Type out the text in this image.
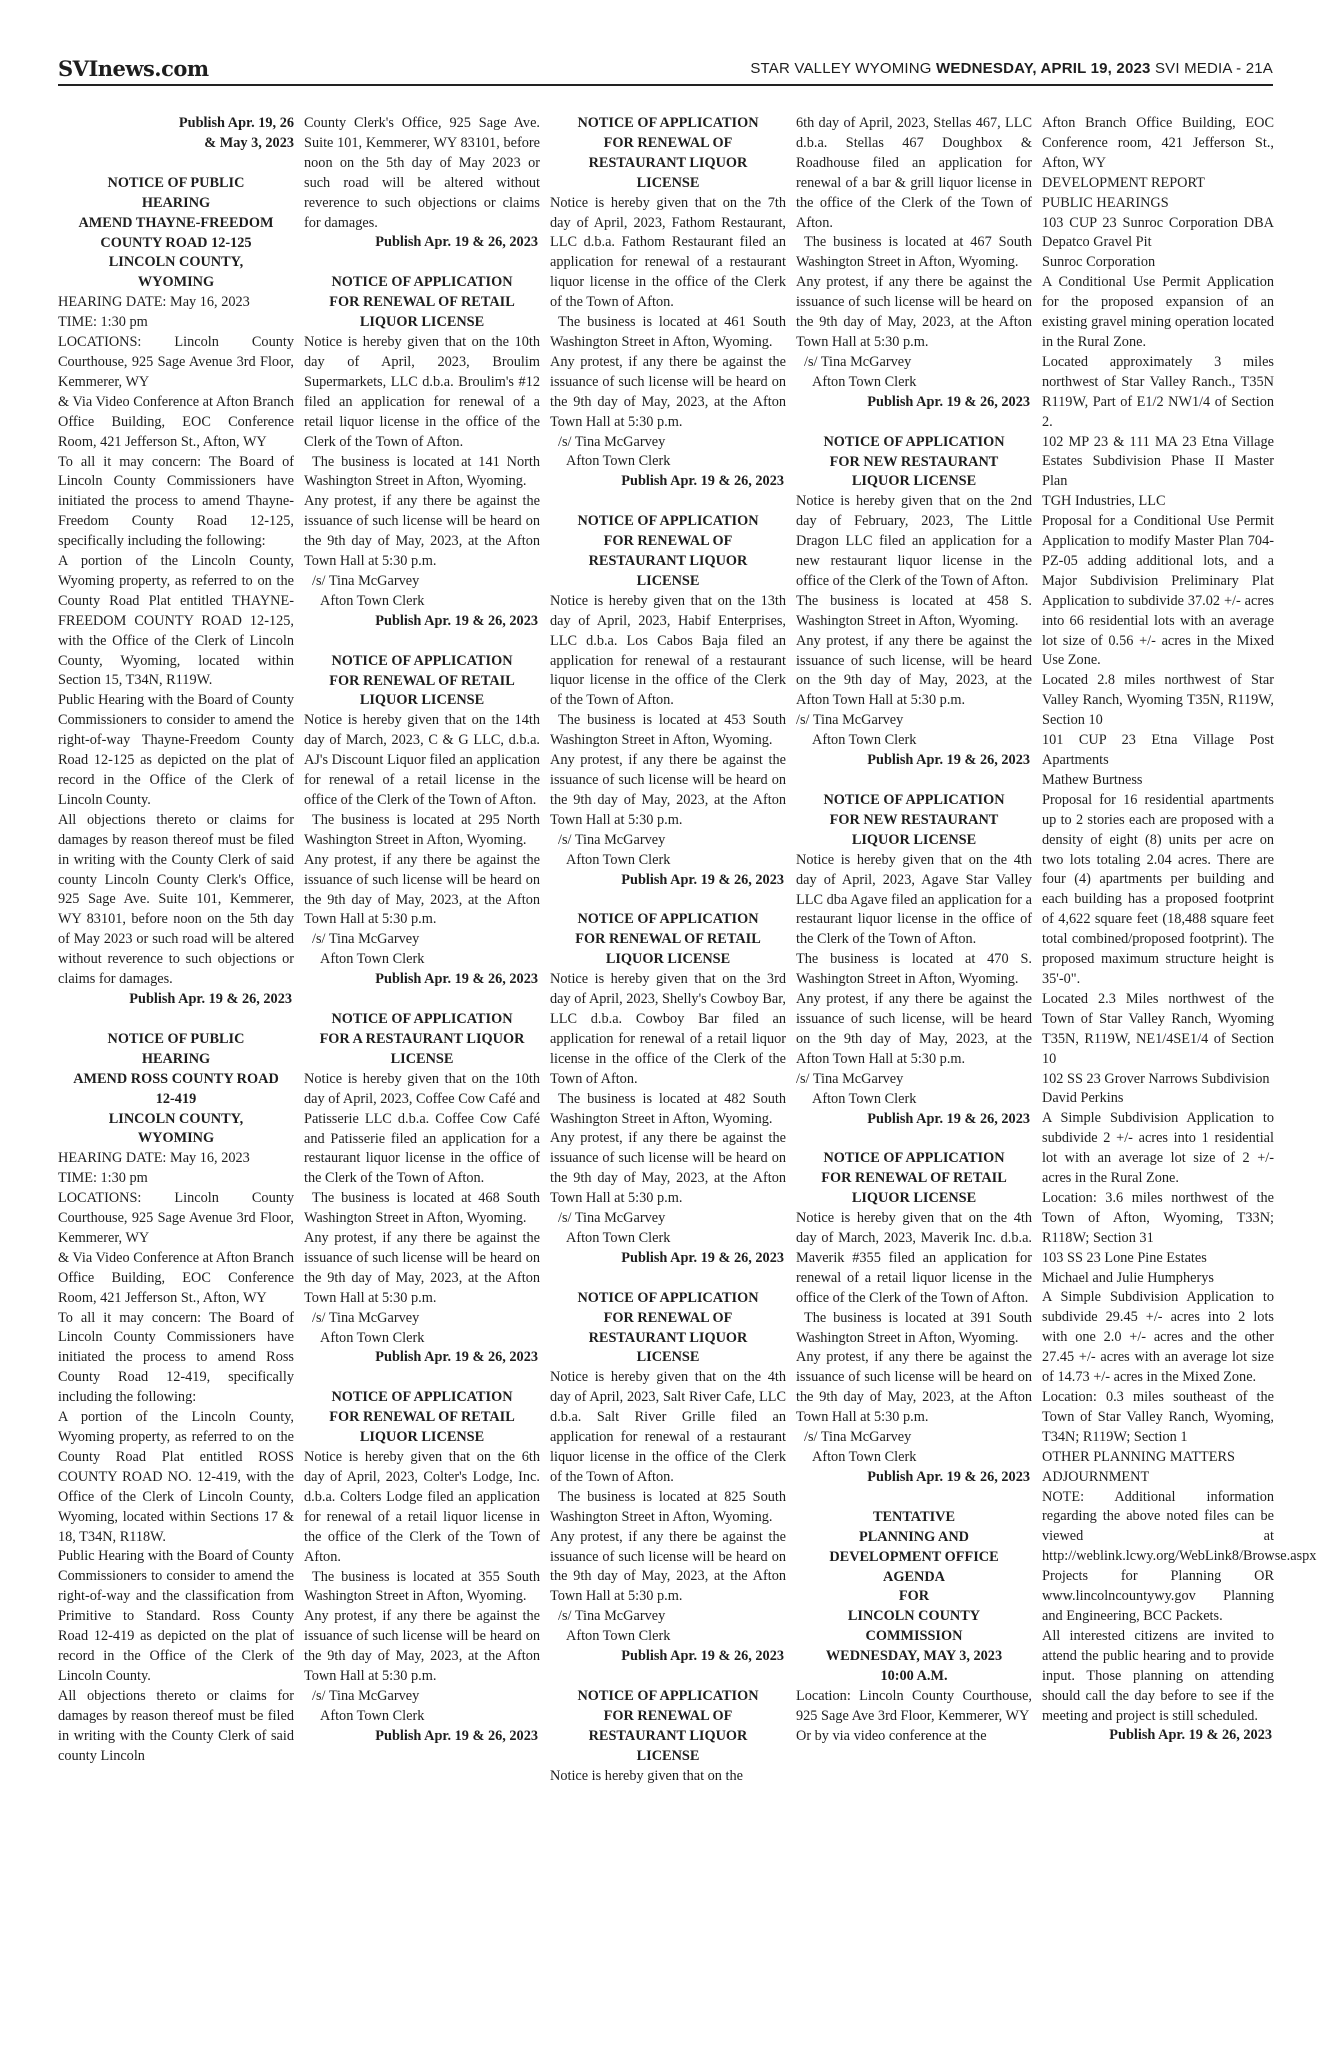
SVInews.com	STAR VALLEY WYOMING WEDNESDAY, APRIL 19, 2023 SVI MEDIA - 21A

Publish Apr. 19, 26

& May 3, 2023

NOTICE OF PUBLIC

HEARING

AMEND THAYNE-FREEDOM

COUNTY ROAD 12-125

LINCOLN COUNTY,

WYOMING

HEARING DATE: May 16, 2023

TIME: 1:30 pm

LOCATIONS: Lincoln County Courthouse, 925 Sage Avenue 3rd Floor, Kemmerer, WY

& Via Video Conference at Afton Branch Office Building, EOC Conference Room, 421 Jefferson St., Afton, WY

To all it may concern: The Board of Lincoln County Commissioners have initiated the process to amend Thayne-Freedom County Road 12-125, specifically including the following:

A portion of the Lincoln County, Wyoming property, as referred to on the County Road Plat entitled THAYNE-FREEDOM COUNTY ROAD 12-125, with the Office of the Clerk of Lincoln County, Wyoming, located within Section 15, T34N, R119W.

Public Hearing with the Board of County Commissioners to consider to amend the right-of-way Thayne-Freedom County Road 12-125 as depicted on the plat of record in the Office of the Clerk of Lincoln County.

All objections thereto or claims for damages by reason thereof must be filed in writing with the County Clerk of said county Lincoln County Clerk's Office, 925 Sage Ave. Suite 101, Kemmerer, WY 83101, before noon on the 5th day of May 2023 or such road will be altered without reverence to such objections or claims for damages.

Publish Apr. 19 & 26, 2023

NOTICE OF PUBLIC

HEARING

AMEND ROSS COUNTY ROAD

12-419

LINCOLN COUNTY,

WYOMING

HEARING DATE: May 16, 2023

TIME: 1:30 pm

LOCATIONS: Lincoln County Courthouse, 925 Sage Avenue 3rd Floor, Kemmerer, WY

& Via Video Conference at Afton Branch Office Building, EOC Conference Room, 421 Jefferson St., Afton, WY

To all it may concern: The Board of Lincoln County Commissioners have initiated the process to amend Ross County Road 12-419, specifically including the following:

A portion of the Lincoln County, Wyoming property, as referred to on the County Road Plat entitled ROSS COUNTY ROAD NO. 12-419, with the Office of the Clerk of Lincoln County, Wyoming, located within Sections 17 & 18, T34N, R118W.

Public Hearing with the Board of County Commissioners to consider to amend the right-of-way and the classification from Primitive to Standard. Ross County Road 12-419 as depicted on the plat of record in the Office of the Clerk of Lincoln County.

All objections thereto or claims for damages by reason thereof must be filed in writing with the County Clerk of said county Lincoln

County Clerk's Office, 925 Sage Ave. Suite 101, Kemmerer, WY 83101, before noon on the 5th day of May 2023 or such road will be altered without reverence to such objections or claims for damages.

Publish Apr. 19 & 26, 2023

NOTICE OF APPLICATION

FOR RENEWAL OF RETAIL

LIQUOR LICENSE

Notice is hereby given that on the 10th day of April, 2023, Broulim Supermarkets, LLC d.b.a. Broulim's #12 filed an application for renewal of a retail liquor license in the office of the Clerk of the Town of Afton.

The business is located at 141 North Washington Street in Afton, Wyoming.

Any protest, if any there be against the issuance of such license will be heard on the 9th day of May, 2023, at the Afton Town Hall at 5:30 p.m.

/s/ Tina McGarvey

Afton Town Clerk

Publish Apr. 19 & 26, 2023

NOTICE OF APPLICATION

FOR RENEWAL OF RETAIL

LIQUOR LICENSE

Notice is hereby given that on the 14th day of March, 2023, C & G LLC, d.b.a. AJ's Discount Liquor filed an application for renewal of a retail license in the office of the Clerk of the Town of Afton.

The business is located at 295 North Washington Street in Afton, Wyoming.

Any protest, if any there be against the issuance of such license will be heard on the 9th day of May, 2023, at the Afton Town Hall at 5:30 p.m.

/s/ Tina McGarvey

Afton Town Clerk

Publish Apr. 19 & 26, 2023

NOTICE OF APPLICATION

FOR A RESTAURANT LIQUOR

LICENSE

Notice is hereby given that on the 10th day of April, 2023, Coffee Cow Café and Patisserie LLC d.b.a. Coffee Cow Café and Patisserie filed an application for a restaurant liquor license in the office of the Clerk of the Town of Afton.

The business is located at 468 South Washington Street in Afton, Wyoming.

Any protest, if any there be against the issuance of such license will be heard on the 9th day of May, 2023, at the Afton Town Hall at 5:30 p.m.

/s/ Tina McGarvey

Afton Town Clerk

Publish Apr. 19 & 26, 2023

NOTICE OF APPLICATION

FOR RENEWAL OF RETAIL

LIQUOR LICENSE

Notice is hereby given that on the 6th day of April, 2023, Colter's Lodge, Inc. d.b.a. Colters Lodge filed an application for renewal of a retail liquor license in the office of the Clerk of the Town of Afton.

The business is located at 355 South Washington Street in Afton, Wyoming.

Any protest, if any there be against the issuance of such license will be heard on the 9th day of May, 2023, at the Afton Town Hall at 5:30 p.m.

/s/ Tina McGarvey

Afton Town Clerk

Publish Apr. 19 & 26, 2023

NOTICE OF APPLICATION

FOR RENEWAL OF

RESTAURANT LIQUOR

LICENSE

Notice is hereby given that on the 7th day of April, 2023, Fathom Restaurant, LLC d.b.a. Fathom Restaurant filed an application for renewal of a restaurant liquor license in the office of the Clerk of the Town of Afton.

The business is located at 461 South Washington Street in Afton, Wyoming.

Any protest, if any there be against the issuance of such license will be heard on the 9th day of May, 2023, at the Afton Town Hall at 5:30 p.m.

/s/ Tina McGarvey

Afton Town Clerk

Publish Apr. 19 & 26, 2023

NOTICE OF APPLICATION

FOR RENEWAL OF

RESTAURANT LIQUOR

LICENSE

Notice is hereby given that on the 13th day of April, 2023, Habif Enterprises, LLC d.b.a. Los Cabos Baja filed an application for renewal of a restaurant liquor license in the office of the Clerk of the Town of Afton.

The business is located at 453 South Washington Street in Afton, Wyoming.

Any protest, if any there be against the issuance of such license will be heard on the 9th day of May, 2023, at the Afton Town Hall at 5:30 p.m.

/s/ Tina McGarvey

Afton Town Clerk

Publish Apr. 19 & 26, 2023

NOTICE OF APPLICATION

FOR RENEWAL OF RETAIL

LIQUOR LICENSE

Notice is hereby given that on the 3rd day of April, 2023, Shelly's Cowboy Bar, LLC d.b.a. Cowboy Bar filed an application for renewal of a retail liquor license in the office of the Clerk of the Town of Afton.

The business is located at 482 South Washington Street in Afton, Wyoming.

Any protest, if any there be against the issuance of such license will be heard on the 9th day of May, 2023, at the Afton Town Hall at 5:30 p.m.

/s/ Tina McGarvey

Afton Town Clerk

Publish Apr. 19 & 26, 2023

NOTICE OF APPLICATION

FOR RENEWAL OF

RESTAURANT LIQUOR

LICENSE

Notice is hereby given that on the 4th day of April, 2023, Salt River Cafe, LLC d.b.a. Salt River Grille filed an application for renewal of a restaurant liquor license in the office of the Clerk of the Town of Afton.

The business is located at 825 South Washington Street in Afton, Wyoming.

Any protest, if any there be against the issuance of such license will be heard on the 9th day of May, 2023, at the Afton Town Hall at 5:30 p.m.

/s/ Tina McGarvey

Afton Town Clerk

Publish Apr. 19 & 26, 2023

NOTICE OF APPLICATION

FOR RENEWAL OF

RESTAURANT LIQUOR

LICENSE

Notice is hereby given that on the

6th day of April, 2023, Stellas 467, LLC d.b.a. Stellas 467 Doughbox & Roadhouse filed an application for renewal of a bar & grill liquor license in the office of the Clerk of the Town of Afton.

The business is located at 467 South Washington Street in Afton, Wyoming.

Any protest, if any there be against the issuance of such license will be heard on the 9th day of May, 2023, at the Afton Town Hall at 5:30 p.m.

/s/ Tina McGarvey

Afton Town Clerk

Publish Apr. 19 & 26, 2023

NOTICE OF APPLICATION

FOR NEW RESTAURANT

LIQUOR LICENSE

Notice is hereby given that on the 2nd day of February, 2023, The Little Dragon LLC filed an application for a new restaurant liquor license in the office of the Clerk of the Town of Afton.

The business is located at 458 S. Washington Street in Afton, Wyoming.

Any protest, if any there be against the issuance of such license, will be heard on the 9th day of May, 2023, at the Afton Town Hall at 5:30 p.m.

/s/ Tina McGarvey

Afton Town Clerk

Publish Apr. 19 & 26, 2023

NOTICE OF APPLICATION

FOR NEW RESTAURANT

LIQUOR LICENSE

Notice is hereby given that on the 4th day of April, 2023, Agave Star Valley LLC dba Agave filed an application for a restaurant liquor license in the office of the Clerk of the Town of Afton.

The business is located at 470 S. Washington Street in Afton, Wyoming.

Any protest, if any there be against the issuance of such license, will be heard on the 9th day of May, 2023, at the Afton Town Hall at 5:30 p.m.

/s/ Tina McGarvey

Afton Town Clerk

Publish Apr. 19 & 26, 2023

NOTICE OF APPLICATION

FOR RENEWAL OF RETAIL

LIQUOR LICENSE

Notice is hereby given that on the 4th day of March, 2023, Maverik Inc. d.b.a. Maverik #355 filed an application for renewal of a retail liquor license in the office of the Clerk of the Town of Afton.

The business is located at 391 South Washington Street in Afton, Wyoming.

Any protest, if any there be against the issuance of such license will be heard on the 9th day of May, 2023, at the Afton Town Hall at 5:30 p.m.

/s/ Tina McGarvey

Afton Town Clerk

Publish Apr. 19 & 26, 2023

TENTATIVE

PLANNING AND

DEVELOPMENT OFFICE

AGENDA

FOR

LINCOLN COUNTY

COMMISSION

WEDNESDAY, MAY 3, 2023

10:00 A.M.

Location: Lincoln County Courthouse, 925 Sage Ave 3rd Floor, Kemmerer, WY

Or by via video conference at the

Afton Branch Office Building, EOC Conference room, 421 Jefferson St., Afton, WY

DEVELOPMENT REPORT

PUBLIC HEARINGS

103 CUP 23 Sunroc Corporation DBA Depatco Gravel Pit

Sunroc Corporation

A Conditional Use Permit Application for the proposed expansion of an existing gravel mining operation located in the Rural Zone.

Located approximately 3 miles northwest of Star Valley Ranch., T35N R119W, Part of E1/2 NW1/4 of Section 2.

102 MP 23 & 111 MA 23 Etna Village Estates Subdivision Phase II Master Plan

TGH Industries, LLC

Proposal for a Conditional Use Permit Application to modify Master Plan 704-PZ-05 adding additional lots, and a Major Subdivision Preliminary Plat Application to subdivide 37.02 +/- acres into 66 residential lots with an average lot size of 0.56 +/- acres in the Mixed Use Zone.

Located 2.8 miles northwest of Star Valley Ranch, Wyoming T35N, R119W, Section 10

101 CUP 23 Etna Village Post Apartments

Mathew Burtness

Proposal for 16 residential apartments up to 2 stories each are proposed with a density of eight (8) units per acre on two lots totaling 2.04 acres. There are four (4) apartments per building and each building has a proposed footprint of 4,622 square feet (18,488 square feet total combined/proposed footprint). The proposed maximum structure height is 35'-0".

Located 2.3 Miles northwest of the Town of Star Valley Ranch, Wyoming T35N, R119W, NE1/4SE1/4 of Section 10

102 SS 23 Grover Narrows Subdivision

David Perkins

A Simple Subdivision Application to subdivide 2 +/- acres into 1 residential lot with an average lot size of 2 +/- acres in the Rural Zone.

Location: 3.6 miles northwest of the Town of Afton, Wyoming, T33N; R118W; Section 31

103 SS 23 Lone Pine Estates

Michael and Julie Humpherys

A Simple Subdivision Application to subdivide 29.45 +/- acres into 2 lots with one 2.0 +/- acres and the other 27.45 +/- acres with an average lot size of 14.73 +/- acres in the Mixed Zone.

Location: 0.3 miles southeast of the Town of Star Valley Ranch, Wyoming, T34N; R119W; Section 1

OTHER PLANNING MATTERS

ADJOURNMENT

NOTE: Additional information regarding the above noted files can be viewed at http://weblink.lcwy.org/WebLink8/Browse.aspx Projects for Planning OR www.lincolncountywy.gov Planning and Engineering, BCC Packets.

All interested citizens are invited to attend the public hearing and to provide input. Those planning on attending should call the day before to see if the meeting and project is still scheduled.

Publish Apr. 19 & 26, 2023
